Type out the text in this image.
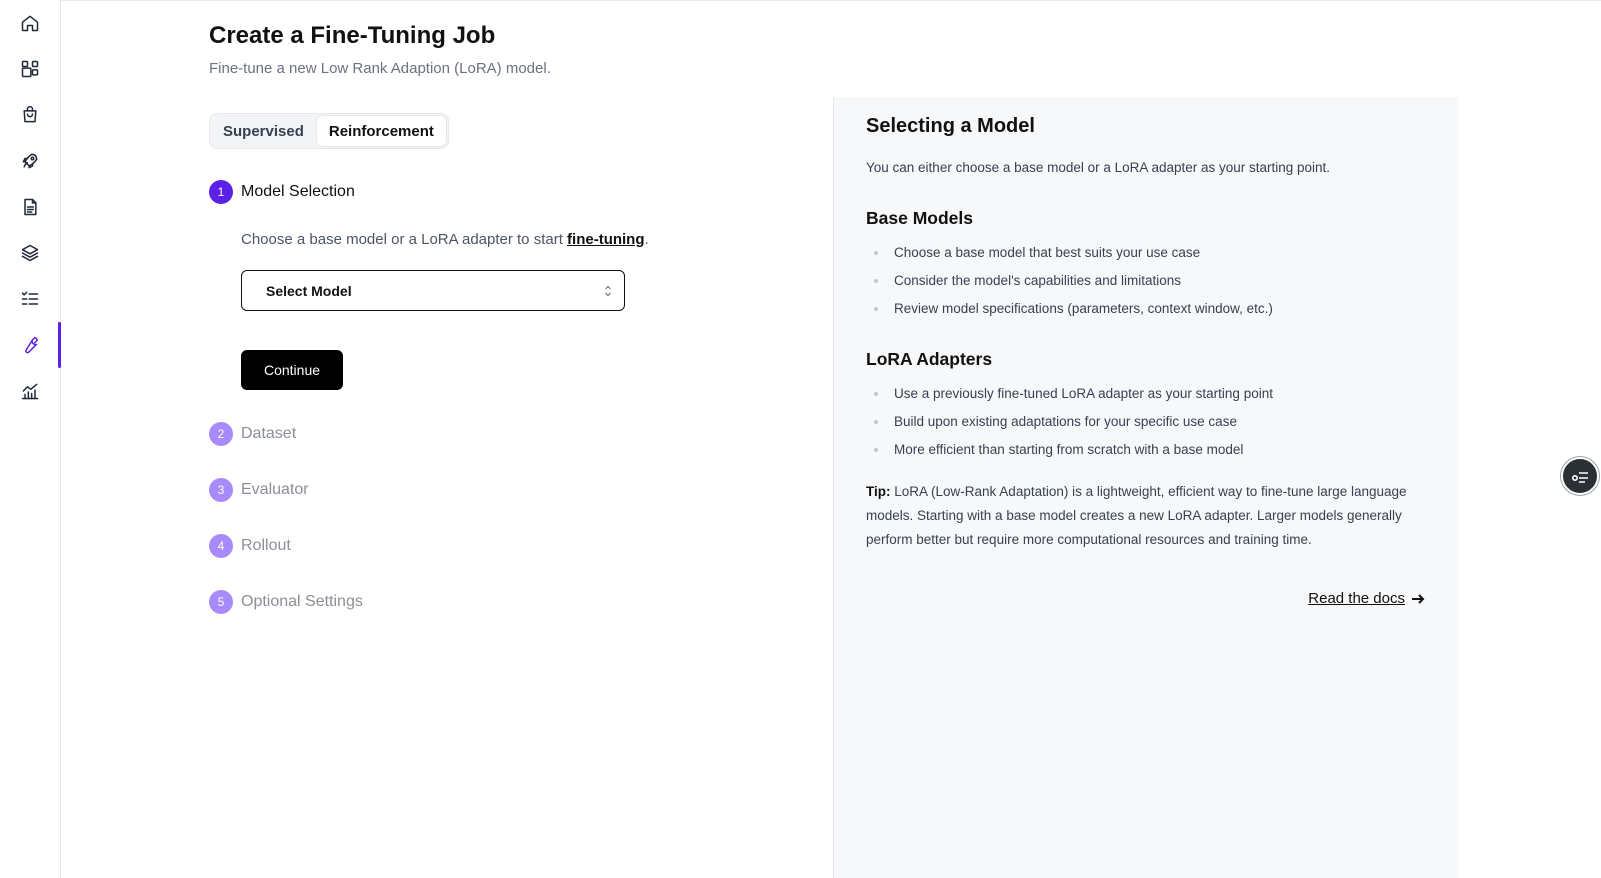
Create a Fine-Tuning Job

Fine-tune a new Low Rank Adaption (LoRA) model.

Supervised	Reinforcement
1	Model Selection

Choose a base model or a LoRA adapter to start fine-tuning.

Select Model
Continue
2	Dataset
3	Evaluator
4	Rollout
5	Optional Settings
Selecting a Model

You can either choose a base model or a LoRA adapter as your starting point.

Base Models
Choose a base model that best suits your use case
Consider the model's capabilities and limitations
Review model specifications (parameters, context window, etc.)
LoRA Adapters
Use a previously fine-tuned LoRA adapter as your starting point
Build upon existing adaptations for your specific use case
More efficient than starting from scratch with a base model

Tip: LoRA (Low-Rank Adaptation) is a lightweight, efficient way to fine-tune large language models. Starting with a base model creates a new LoRA adapter. Larger models generally perform better but require more computational resources and training time.

Read the docs
